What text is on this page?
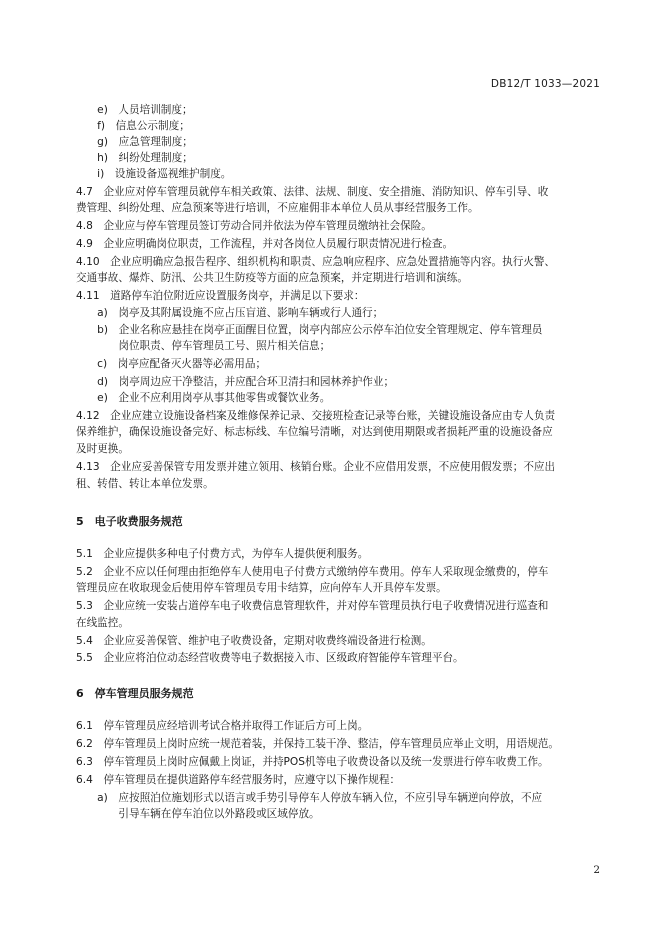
DB12/T 1033—2021
　　e)　人员培训制度；
　　f)　信息公示制度；
　　g)　应急管理制度；
　　h)　纠纷处理制度；
　　i)　设施设备巡视维护制度。
4.7　企业应对停车管理员就停车相关政策、法律、法规、制度、安全措施、消防知识、停车引导、收
费管理、纠纷处理、应急预案等进行培训，不应雇佣非本单位人员从事经营服务工作。
4.8　企业应与停车管理员签订劳动合同并依法为停车管理员缴纳社会保险。
4.9　企业应明确岗位职责，工作流程，并对各岗位人员履行职责情况进行检查。
4.10　企业应明确应急报告程序、组织机构和职责、应急响应程序、应急处置措施等内容。执行火警、
交通事故、爆炸、防汛、公共卫生防疫等方面的应急预案，并定期进行培训和演练。
4.11　道路停车泊位附近应设置服务岗亭，并满足以下要求：
　　a)　岗亭及其附属设施不应占压盲道、影响车辆或行人通行；
　　b)　企业名称应悬挂在岗亭正面醒目位置，岗亭内部应公示停车泊位安全管理规定、停车管理员
　　　　岗位职责、停车管理员工号、照片相关信息；
　　c)　岗亭应配备灭火器等必需用品；
　　d)　岗亭周边应干净整洁，并应配合环卫清扫和园林养护作业；
　　e)　企业不应利用岗亭从事其他零售或餐饮业务。
4.12　企业应建立设施设备档案及维修保养记录、交接班检查记录等台账，关键设施设备应由专人负责
保养维护，确保设施设备完好、标志标线、车位编号清晰，对达到使用期限或者损耗严重的设施设备应
及时更换。
4.13　企业应妥善保管专用发票并建立领用、核销台账。企业不应借用发票，不应使用假发票；不应出
租、转借、转让本单位发票。
5　电子收费服务规范
5.1　企业应提供多种电子付费方式，为停车人提供便利服务。
5.2　企业不应以任何理由拒绝停车人使用电子付费方式缴纳停车费用。停车人采取现金缴费的，停车
管理员应在收取现金后使用停车管理员专用卡结算，应向停车人开具停车发票。
5.3　企业应统一安装占道停车电子收费信息管理软件，并对停车管理员执行电子收费情况进行巡查和
在线监控。
5.4　企业应妥善保管、维护电子收费设备，定期对收费终端设备进行检测。
5.5　企业应将泊位动态经营收费等电子数据接入市、区级政府智能停车管理平台。
6　停车管理员服务规范
6.1　停车管理员应经培训考试合格并取得工作证后方可上岗。
6.2　停车管理员上岗时应统一规范着装，并保持工装干净、整洁，停车管理员应举止文明，用语规范。
6.3　停车管理员上岗时应佩戴上岗证，并持POS机等电子收费设备以及统一发票进行停车收费工作。
6.4　停车管理员在提供道路停车经营服务时，应遵守以下操作规程：
　　a)　应按照泊位施划形式以语言或手势引导停车人停放车辆入位，不应引导车辆逆向停放，不应
　　　　引导车辆在停车泊位以外路段或区域停放。
2
